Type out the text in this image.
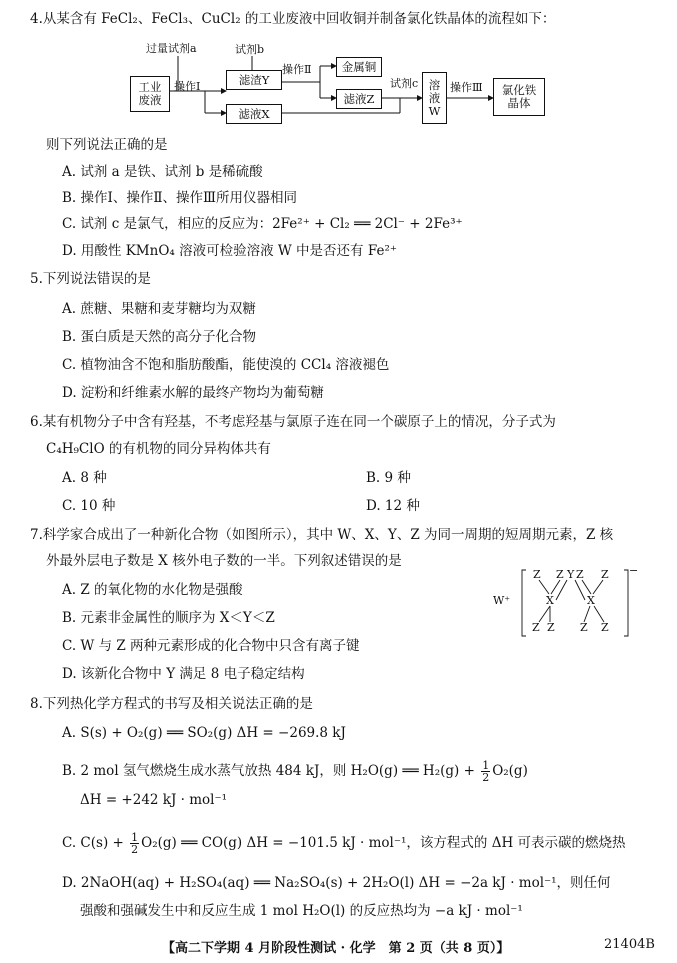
4.从某含有 FeCl₂、FeCl₃、CuCl₂ 的工业废液中回收铜并制备氯化铁晶体的流程如下：
工业废液
过量试剂a
操作Ⅰ
试剂b
滤渣Y
滤液X
操作Ⅱ	金属铜
滤液Z
试剂c 溶液W
操作Ⅲ 氯化铁晶体
则下列说法正确的是
A. 试剂 a 是铁、试剂 b 是稀硫酸
B. 操作Ⅰ、操作Ⅱ、操作Ⅲ所用仪器相同
C. 试剂 c 是氯气，相应的反应为：2Fe²⁺ + Cl₂ ══ 2Cl⁻ + 2Fe³⁺
D. 用酸性 KMnO₄ 溶液可检验溶液 W 中是否还有 Fe²⁺
5.下列说法错误的是
A. 蔗糖、果糖和麦芽糖均为双糖
B. 蛋白质是天然的高分子化合物
C. 植物油含不饱和脂肪酸酯，能使溴的 CCl₄ 溶液褪色
D. 淀粉和纤维素水解的最终产物均为葡萄糖
6.某有机物分子中含有羟基，不考虑羟基与氯原子连在同一个碳原子上的情况，分子式为
C₄H₉ClO 的有机物的同分异构体共有
A. 8 种	B. 9 种
C. 10 种	D. 12 种
7.科学家合成出了一种新化合物（如图所示），其中 W、X、Y、Z 为同一周期的短周期元素，Z 核
外最外层电子数是 X 核外电子数的一半。下列叙述错误的是
A. Z 的氧化物的水化物是强酸
B. 元素非金属性的顺序为 X＜Y＜Z
C. W 与 Z 两种元素形成的化合物中只含有离子键
D. 该新化合物中 Y 满足 8 电子稳定结构
W⁺
Z Z Y Z Z
X	X
Z Z Z Z
−
8.下列热化学方程式的书写及相关说法正确的是
A. S(s) + O₂(g) ══ SO₂(g) ΔH = −269.8 kJ
B. 2 mol 氢气燃烧生成水蒸气放热 484 kJ，则 H₂O(g) ══ $H_2(g) + \frac{1}{2} O_2(g)$
ΔH = +242 kJ · mol⁻¹
C. $C(s) + \frac{1}{2} O_2(g)$ ══ CO(g) ΔH = −101.5 kJ · mol⁻¹，该方程式的 ΔH 可表示碳的燃烧热
D. 2NaOH(aq) + H₂SO₄(aq) ══ Na₂SO₄(s) + 2H₂O(l) ΔH = −2a kJ · mol⁻¹，则任何
强酸和强碱发生中和反应生成 1 mol H₂O(l) 的反应热均为 −a kJ · mol⁻¹
【高二下学期 4 月阶段性测试 · 化学　第 2 页（共 8 页）】	21404B
